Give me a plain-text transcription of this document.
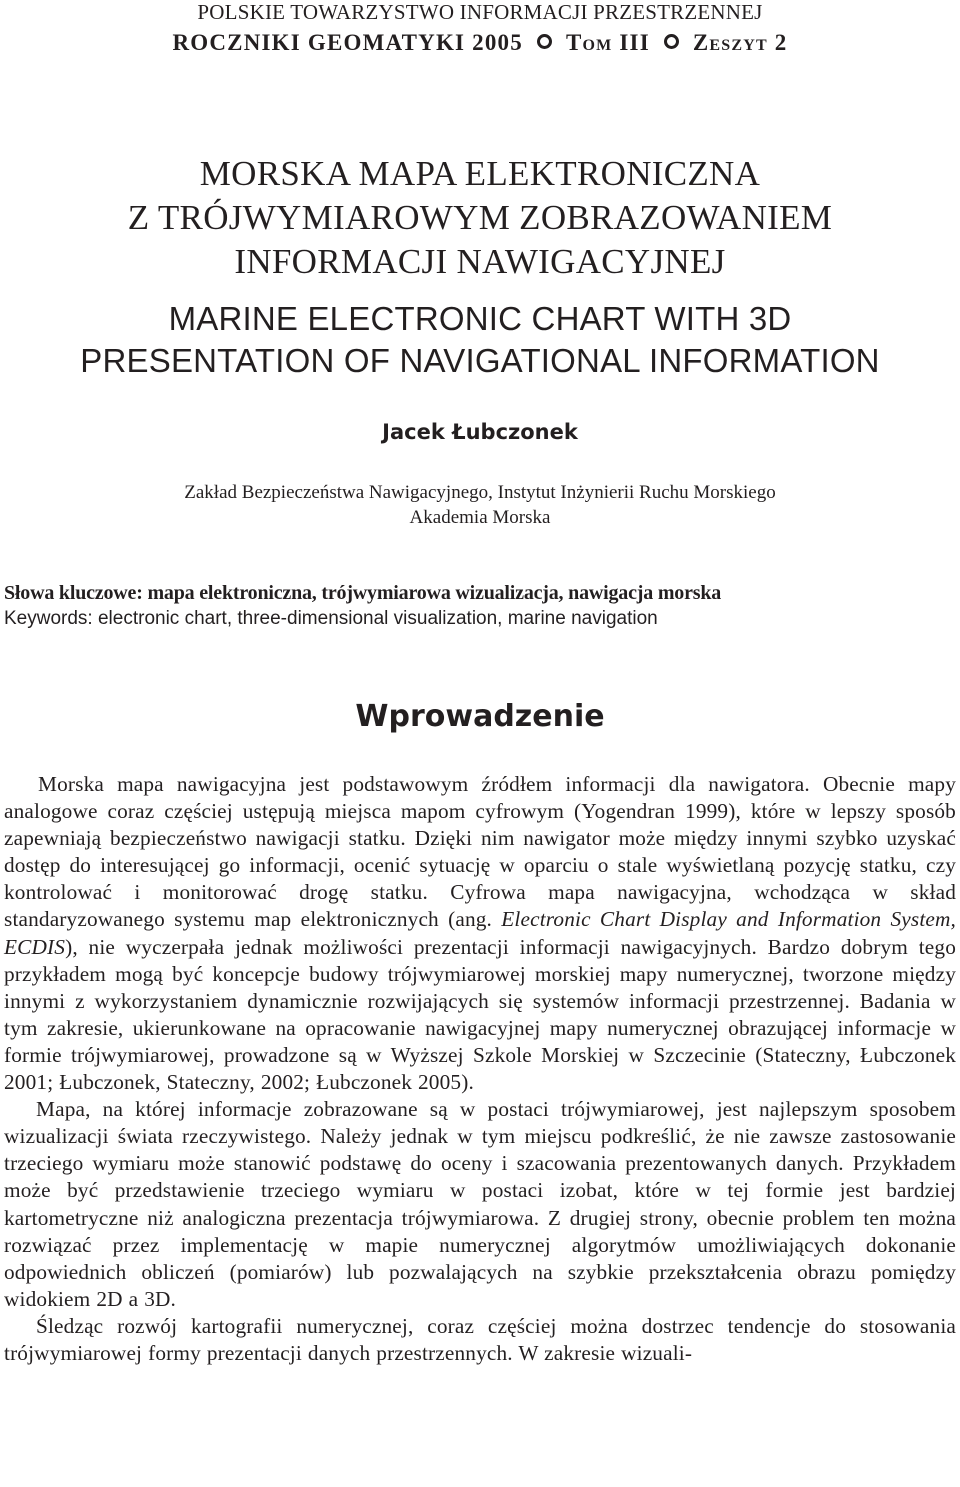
POLSKIE TOWARZYSTWO INFORMACJI PRZESTRZENNEJ
ROCZNIKI GEOMATYKI 2005 Tom III Zeszyt 2
MORSKA MAPA ELEKTRONICZNA
Z TRÓJWYMIAROWYM ZOBRAZOWANIEM
INFORMACJI NAWIGACYJNEJ
MARINE ELECTRONIC CHART WITH 3D
PRESENTATION OF NAVIGATIONAL INFORMATION
Jacek Łubczonek
Zakład Bezpieczeństwa Nawigacyjnego, Instytut Inżynierii Ruchu Morskiego
Akademia Morska
Słowa kluczowe: mapa elektroniczna, trójwymiarowa wizualizacja, nawigacja morska
Keywords: electronic chart, three-dimensional visualization, marine navigation
Wprowadzenie

Morska mapa nawigacyjna jest podstawowym źródłem informacji dla nawigatora. Obecnie mapy analogowe coraz częściej ustępują miejsca mapom cyfrowym (Yogendran 1999), które w lepszy sposób zapewniają bezpieczeństwo nawigacji statku. Dzięki nim nawigator może między innymi szybko uzyskać dostęp do interesującej go informacji, ocenić sytuację w oparciu o stale wyświetlaną pozycję statku, czy kontrolować i monitorować drogę statku. Cyfrowa mapa nawigacyjna, wchodząca w skład standaryzowanego systemu map elektronicznych (ang. Electronic Chart Display and Information System, ECDIS), nie wyczerpała jednak możliwości prezentacji informacji nawigacyjnych. Bardzo dobrym tego przykładem mogą być koncepcje budowy trójwymiarowej morskiej mapy numerycznej, tworzone między innymi z wykorzystaniem dynamicznie rozwijających się systemów informacji przestrzennej. Badania w tym zakresie, ukierunkowane na opracowanie nawigacyjnej mapy numerycznej obrazującej informacje w formie trójwymiarowej, prowadzone są w Wyższej Szkole Morskiej w Szczecinie (Stateczny, Łubczonek 2001; Łubczonek, Stateczny, 2002; Łubczonek 2005).

Mapa, na której informacje zobrazowane są w postaci trójwymiarowej, jest najlepszym sposobem wizualizacji świata rzeczywistego. Należy jednak w tym miejscu podkreślić, że nie zawsze zastosowanie trzeciego wymiaru może stanowić podstawę do oceny i szacowania prezentowanych danych. Przykładem może być przedstawienie trzeciego wymiaru w postaci izobat, które w tej formie jest bardziej kartometryczne niż analogiczna prezentacja trójwymiarowa. Z drugiej strony, obecnie problem ten można rozwiązać przez implementację w mapie numerycznej algorytmów umożliwiających dokonanie odpowiednich obliczeń (pomiarów) lub pozwalających na szybkie przekształcenia obrazu pomiędzy widokiem 2D a 3D.

Śledząc rozwój kartografii numerycznej, coraz częściej można dostrzec tendencje do stosowania trójwymiarowej formy prezentacji danych przestrzennych. W zakresie wizuali-
